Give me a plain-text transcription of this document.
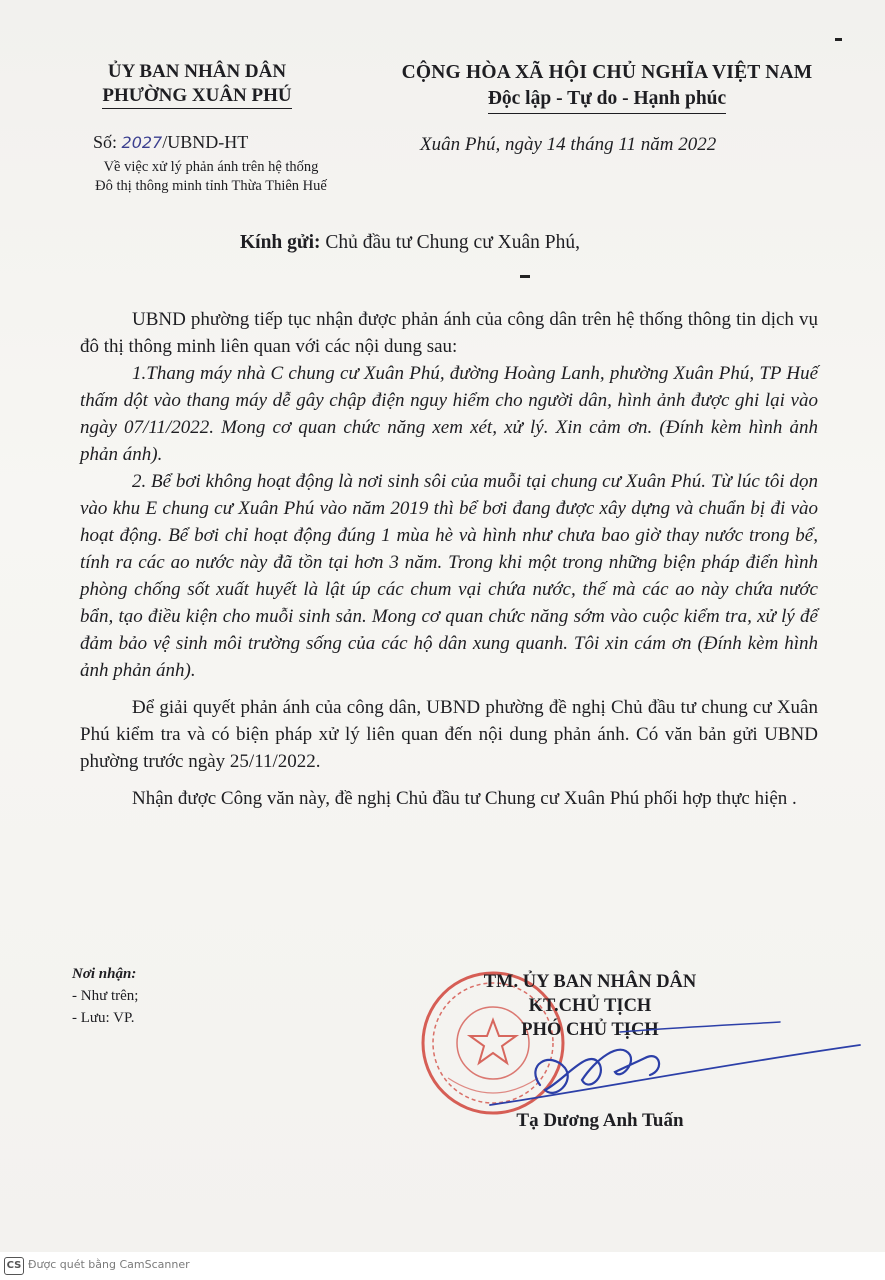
ỦY BAN NHÂN DÂN
PHƯỜNG XUÂN PHÚ
CỘNG HÒA XÃ HỘI CHỦ NGHĨA VIỆT NAM
Độc lập - Tự do - Hạnh phúc
Số: 2027/UBND-HT
Về việc xử lý phản ánh trên hệ thống
Đô thị thông minh tỉnh Thừa Thiên Huế
Xuân Phú, ngày 14 tháng 11 năm 2022
Kính gửi: Chủ đầu tư Chung cư Xuân Phú,

UBND phường tiếp tục nhận được phản ánh của công dân trên hệ thống thông tin dịch vụ đô thị thông minh liên quan với các nội dung sau:

1.Thang máy nhà C chung cư Xuân Phú, đường Hoàng Lanh, phường Xuân Phú, TP Huế thấm dột vào thang máy dễ gây chập điện nguy hiểm cho người dân, hình ảnh được ghi lại vào ngày 07/11/2022. Mong cơ quan chức năng xem xét, xử lý. Xin cảm ơn. (Đính kèm hình ảnh phản ánh).

2. Bể bơi không hoạt động là nơi sinh sôi của muỗi tại chung cư Xuân Phú. Từ lúc tôi dọn vào khu E chung cư Xuân Phú vào năm 2019 thì bể bơi đang được xây dựng và chuẩn bị đi vào hoạt động. Bể bơi chỉ hoạt động đúng 1 mùa hè và hình như chưa bao giờ thay nước trong bể, tính ra các ao nước này đã tồn tại hơn 3 năm. Trong khi một trong những biện pháp điển hình phòng chống sốt xuất huyết là lật úp các chum vại chứa nước, thế mà các ao này chứa nước bẩn, tạo điều kiện cho muỗi sinh sản. Mong cơ quan chức năng sớm vào cuộc kiểm tra, xử lý để đảm bảo vệ sinh môi trường sống của các hộ dân xung quanh. Tôi xin cám ơn (Đính kèm hình ảnh phản ánh).

Để giải quyết phản ánh của công dân, UBND phường đề nghị Chủ đầu tư chung cư Xuân Phú kiểm tra và có biện pháp xử lý liên quan đến nội dung phản ánh. Có văn bản gửi UBND phường trước ngày 25/11/2022.

Nhận được Công văn này, đề nghị Chủ đầu tư Chung cư Xuân Phú phối hợp thực hiện .

Nơi nhận:
- Như trên;
- Lưu: VP.
TM. ỦY BAN NHÂN DÂN
KT.CHỦ TỊCH
PHÓ CHỦ TỊCH
Tạ Dương Anh Tuấn
CS Được quét bằng CamScanner
